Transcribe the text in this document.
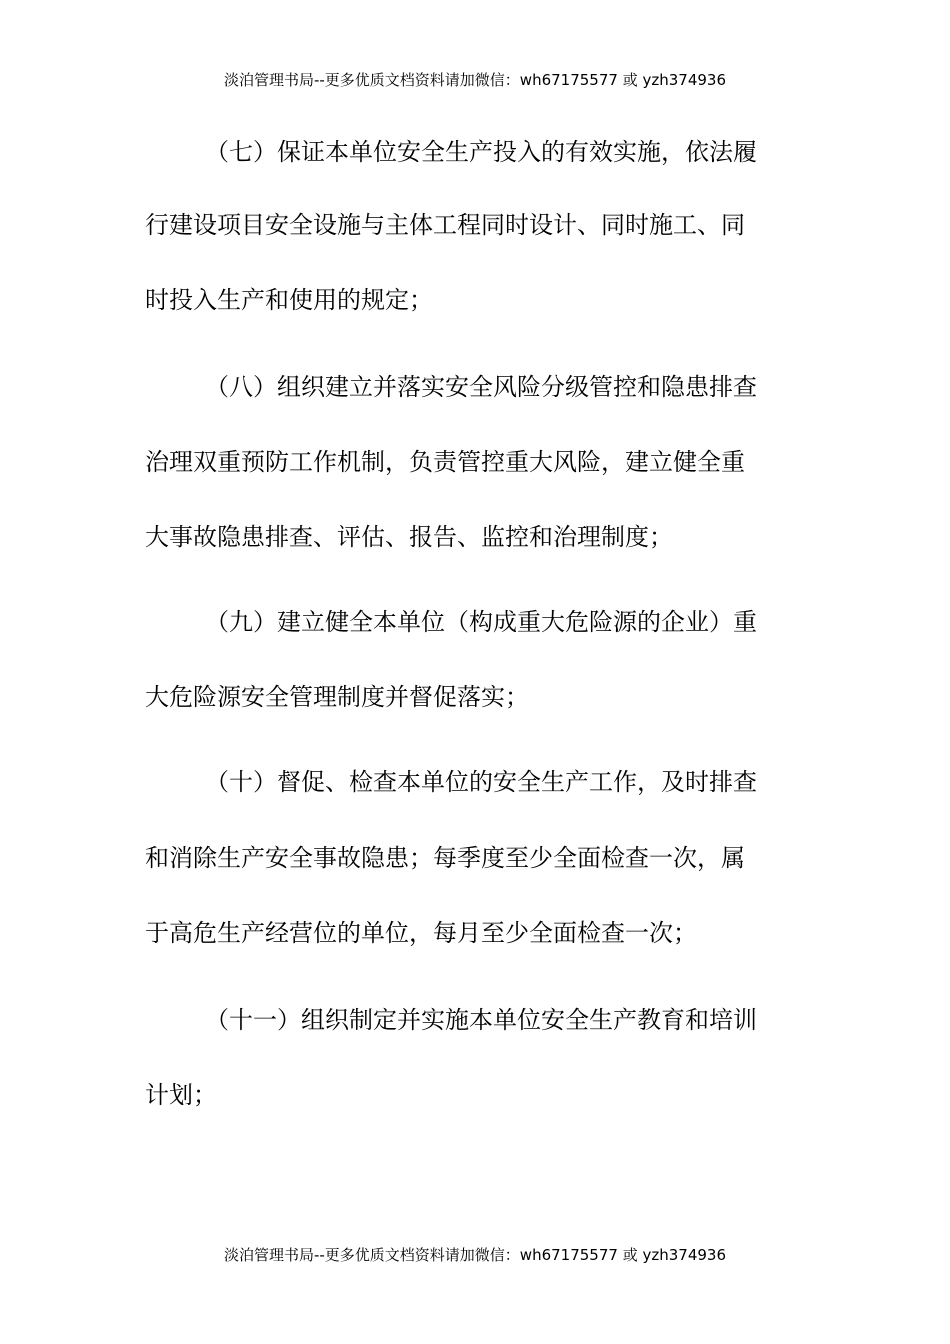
淡泊管理书局--更多优质文档资料请加微信：wh67175577 或 yzh374936
（七）保证本单位安全生产投入的有效实施，依法履
行建设项目安全设施与主体工程同时设计、同时施工、同
时投入生产和使用的规定；
（八）组织建立并落实安全风险分级管控和隐患排查
治理双重预防工作机制，负责管控重大风险，建立健全重
大事故隐患排查、评估、报告、监控和治理制度；
（九）建立健全本单位（构成重大危险源的企业）重
大危险源安全管理制度并督促落实；
（十）督促、检查本单位的安全生产工作，及时排查
和消除生产安全事故隐患；每季度至少全面检查一次，属
于高危生产经营位的单位，每月至少全面检查一次；
（十一）组织制定并实施本单位安全生产教育和培训
计划；
淡泊管理书局--更多优质文档资料请加微信：wh67175577 或 yzh374936
